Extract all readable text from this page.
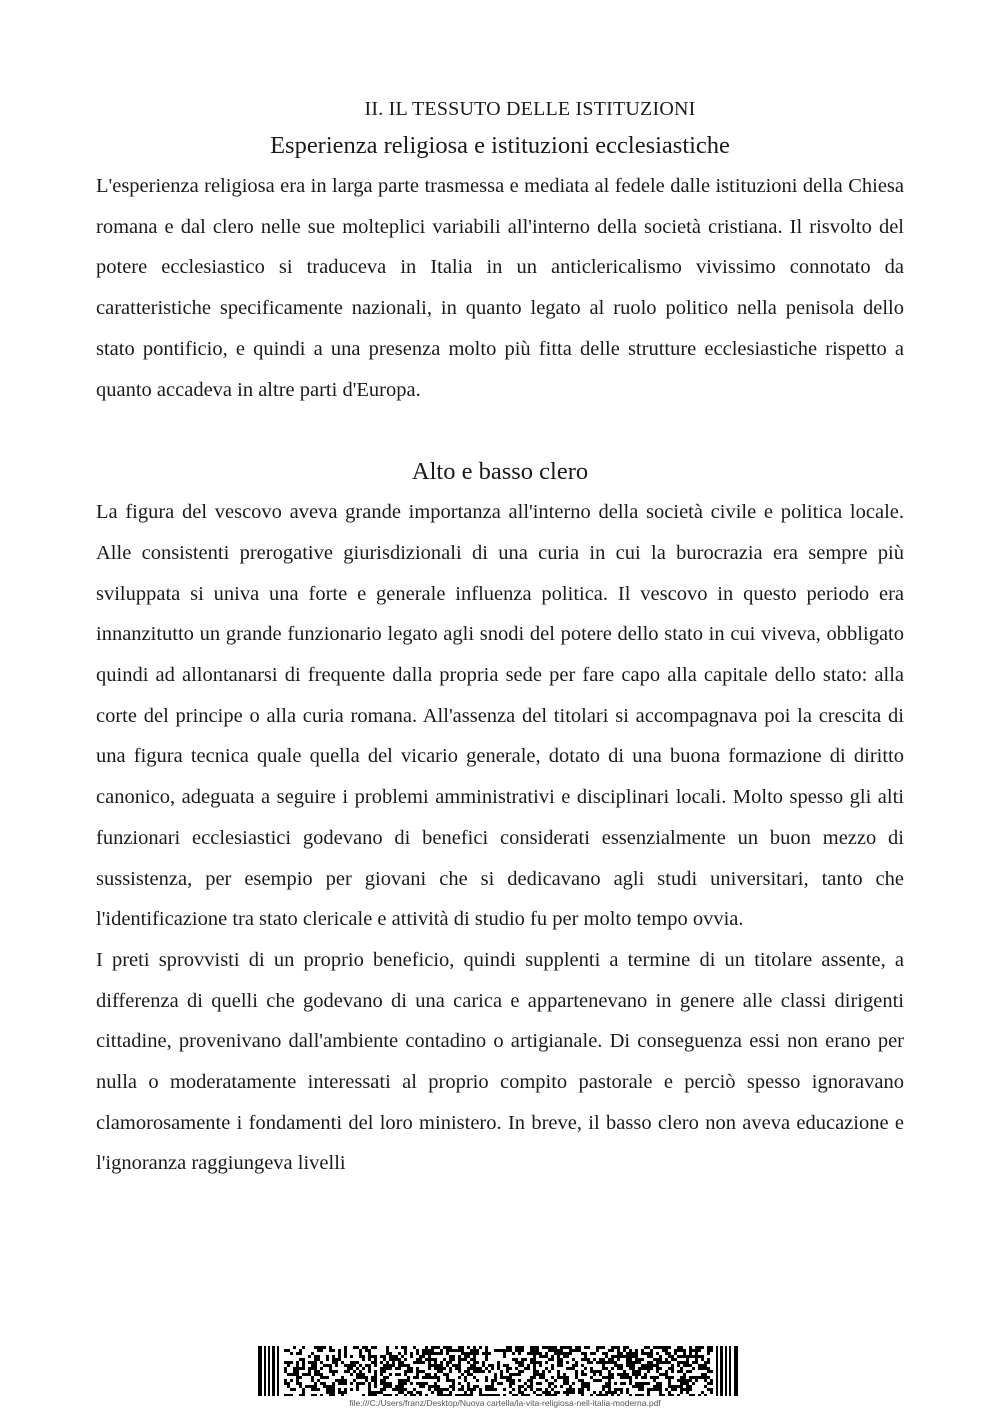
II. IL TESSUTO DELLE ISTITUZIONI
Esperienza religiosa e istituzioni ecclesiastiche

L'esperienza religiosa era in larga parte trasmessa e mediata al fedele dalle istituzioni della Chiesa romana e dal clero nelle sue molteplici variabili all'interno della società cristiana. Il risvolto del potere ecclesiastico si traduceva in Italia in un anticlericalismo vivissimo connotato da caratteristiche specificamente nazionali, in quanto legato al ruolo politico nella penisola dello stato pontificio, e quindi a una presenza molto più fitta delle strutture ecclesiastiche rispetto a quanto accadeva in altre parti d'Europa.

Alto e basso clero

La figura del vescovo aveva grande importanza all'interno della società civile e politica locale. Alle consistenti prerogative giurisdizionali di una curia in cui la burocrazia era sempre più sviluppata si univa una forte e generale influenza politica. Il vescovo in questo periodo era innanzitutto un grande funzionario legato agli snodi del potere dello stato in cui viveva, obbligato quindi ad allontanarsi di frequente dalla propria sede per fare capo alla capitale dello stato: alla corte del principe o alla curia romana. All'assenza del titolari si accompagnava poi la crescita di una figura tecnica quale quella del vicario generale, dotato di una buona formazione di diritto canonico, adeguata a seguire i problemi amministrativi e disciplinari locali. Molto spesso gli alti funzionari ecclesiastici godevano di benefici considerati essenzialmente un buon mezzo di sussistenza, per esempio per giovani che si dedicavano agli studi universitari, tanto che l'identificazione tra stato clericale e attività di studio fu per molto tempo ovvia.

I preti sprovvisti di un proprio beneficio, quindi supplenti a termine di un titolare assente, a differenza di quelli che godevano di una carica e appartenevano in genere alle classi dirigenti cittadine, provenivano dall'ambiente contadino o artigianale. Di conseguenza essi non erano per nulla o moderatamente interessati al proprio compito pastorale e perciò spesso ignoravano clamorosamente i fondamenti del loro ministero. In breve, il basso clero non aveva educazione e l'ignoranza raggiungeva livelli

file:///C:/Users/franz/Desktop/Nuova cartella/la-vita-religiosa-nell-italia-moderna.pdf
